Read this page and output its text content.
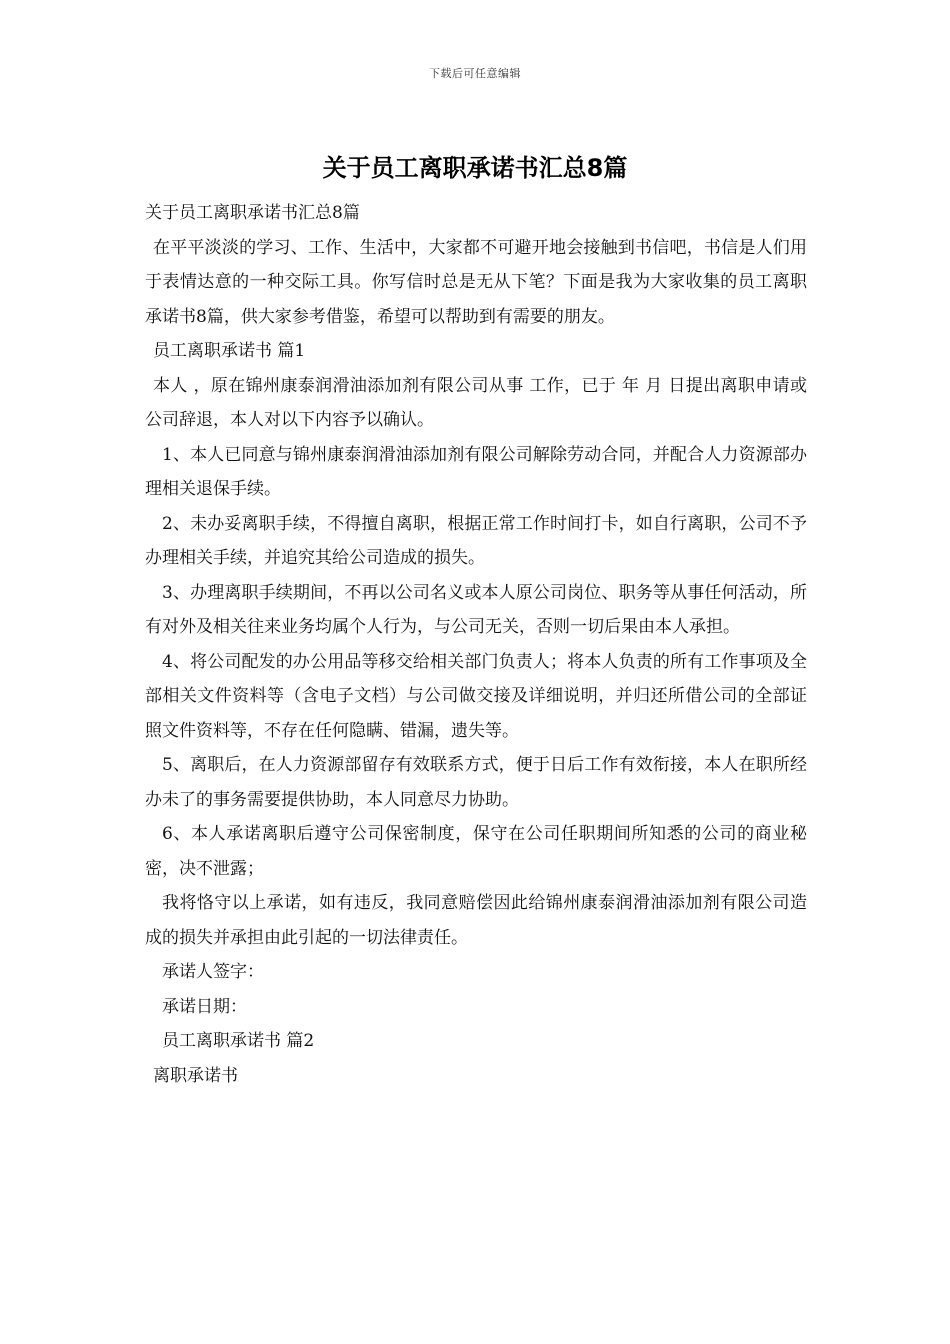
下载后可任意编辑
关于员工离职承诺书汇总8篇

关于员工离职承诺书汇总8篇

在平平淡淡的学习、工作、生活中，大家都不可避开地会接触到书信吧，书信是人们用于表情达意的一种交际工具。你写信时总是无从下笔？下面是我为大家收集的员工离职承诺书8篇，供大家参考借鉴，希望可以帮助到有需要的朋友。

员工离职承诺书 篇1

本人 ，原在锦州康泰润滑油添加剂有限公司从事 工作，已于 年 月 日提出离职申请或公司辞退，本人对以下内容予以确认。

1、本人已同意与锦州康泰润滑油添加剂有限公司解除劳动合同，并配合人力资源部办理相关退保手续。

2、未办妥离职手续，不得擅自离职，根据正常工作时间打卡，如自行离职，公司不予办理相关手续，并追究其给公司造成的损失。

3、办理离职手续期间，不再以公司名义或本人原公司岗位、职务等从事任何活动，所有对外及相关往来业务均属个人行为，与公司无关，否则一切后果由本人承担。

4、将公司配发的办公用品等移交给相关部门负责人；将本人负责的所有工作事项及全部相关文件资料等（含电子文档）与公司做交接及详细说明，并归还所借公司的全部证照文件资料等，不存在任何隐瞒、错漏，遗失等。

5、离职后，在人力资源部留存有效联系方式，便于日后工作有效衔接，本人在职所经办未了的事务需要提供协助，本人同意尽力协助。

6、本人承诺离职后遵守公司保密制度，保守在公司任职期间所知悉的公司的商业秘密，决不泄露；

我将恪守以上承诺，如有违反，我同意赔偿因此给锦州康泰润滑油添加剂有限公司造成的损失并承担由此引起的一切法律责任。

承诺人签字：

承诺日期：

员工离职承诺书 篇2

离职承诺书
